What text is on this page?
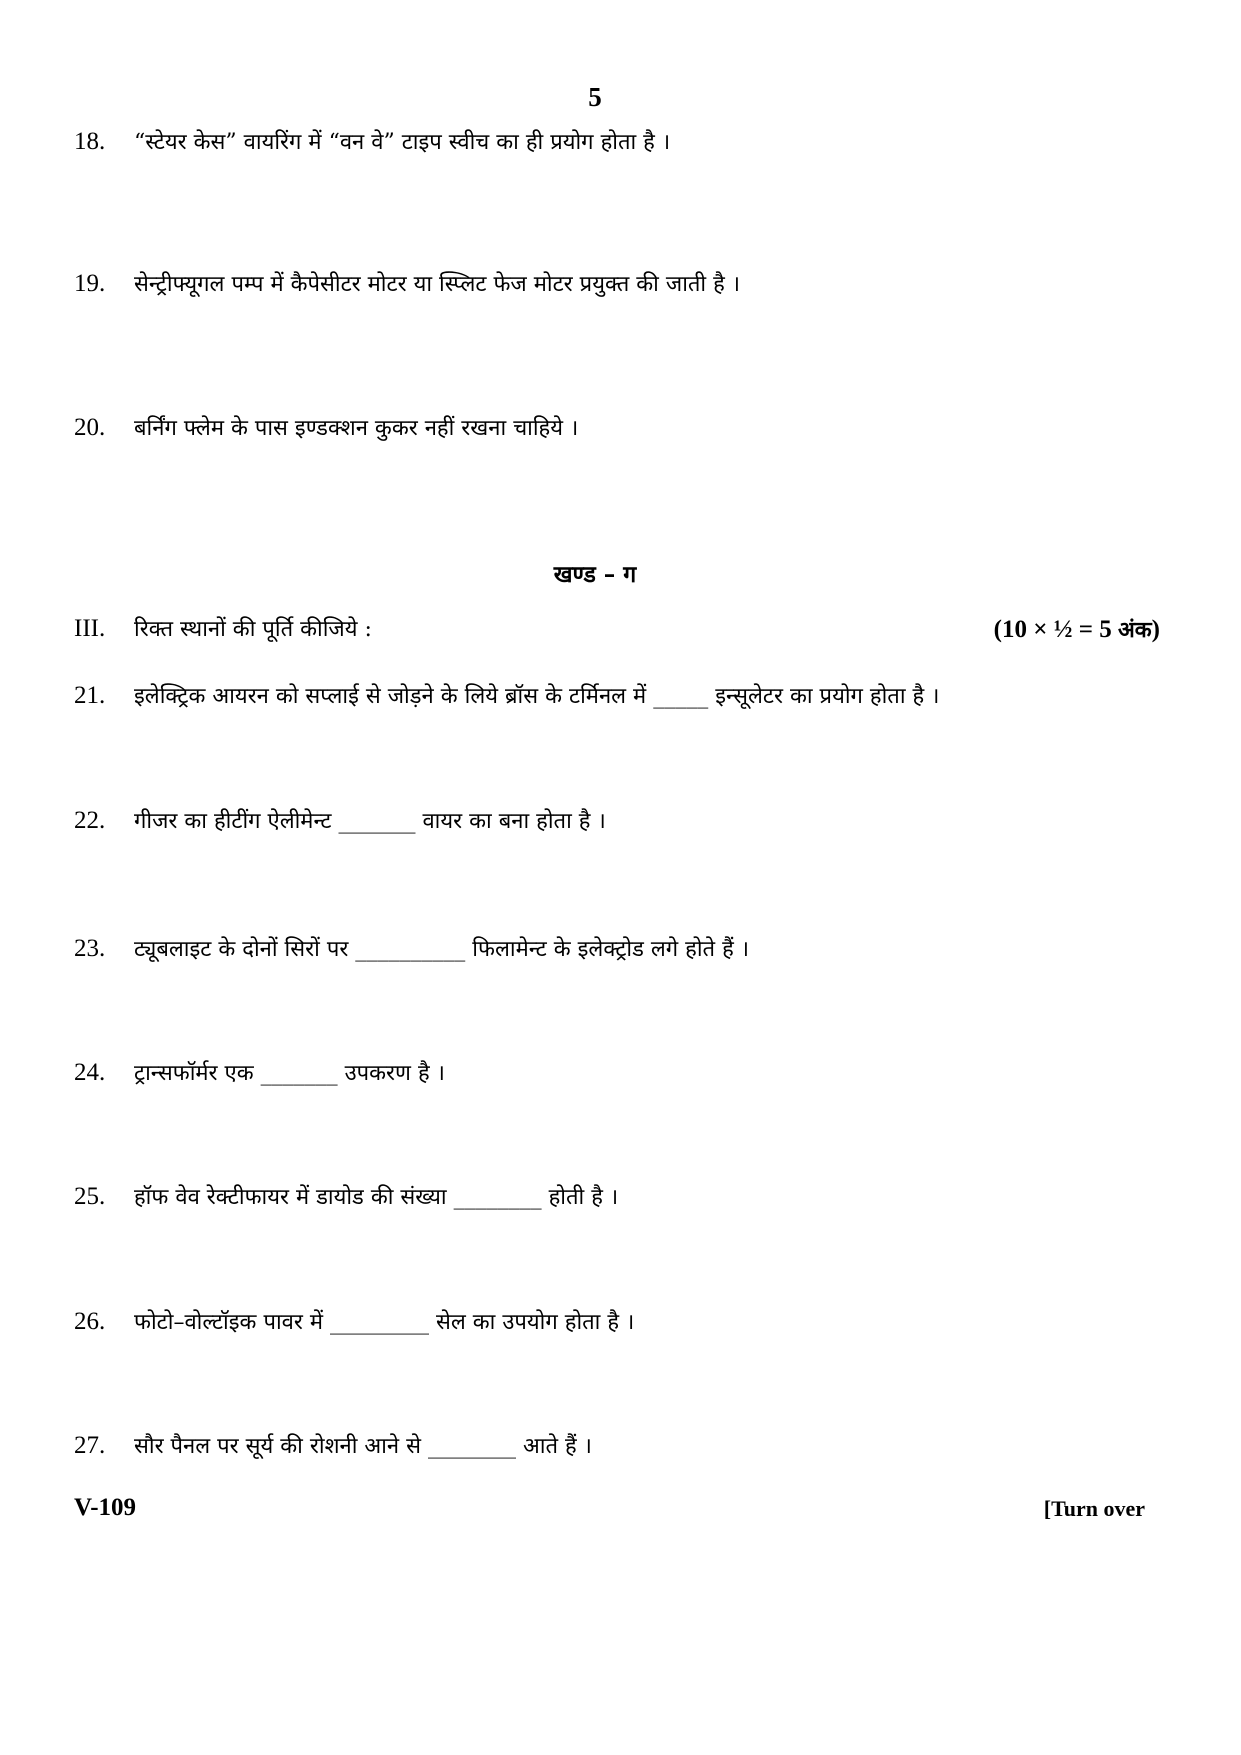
5
18. “स्टेयर केस” वायरिंग में “वन वे” टाइप स्वीच का ही प्रयोग होता है ।
19. सेन्ट्रीफ्यूगल पम्प में कैपेसीटर मोटर या स्प्लिट फेज मोटर प्रयुक्त की जाती है ।
20. बर्निंग फ्लेम के पास इण्डक्शन कुकर नहीं रखना चाहिये ।
खण्ड – ग
III. रिक्त स्थानों की पूर्ति कीजिये :	(10 × ½ = 5 अंक)
21. इलेक्ट्रिक आयरन को सप्लाई से जोड़ने के लिये ब्रॉस के टर्मिनल में _____ इन्सूलेटर का प्रयोग होता है ।
22. गीजर का हीटींग ऐलीमेन्ट _______ वायर का बना होता है ।
23. ट्यूबलाइट के दोनों सिरों पर __________ फिलामेन्ट के इलेक्ट्रोड लगे होते हैं ।
24. ट्रान्सफॉर्मर एक _______ उपकरण है ।
25. हॉफ वेव रेक्टीफायर में डायोड की संख्या ________ होती है ।
26. फोटो–वोल्टॉइक पावर में _________ सेल का उपयोग होता है ।
27. सौर पैनल पर सूर्य की रोशनी आने से ________ आते हैं ।
V-109	[Turn over
